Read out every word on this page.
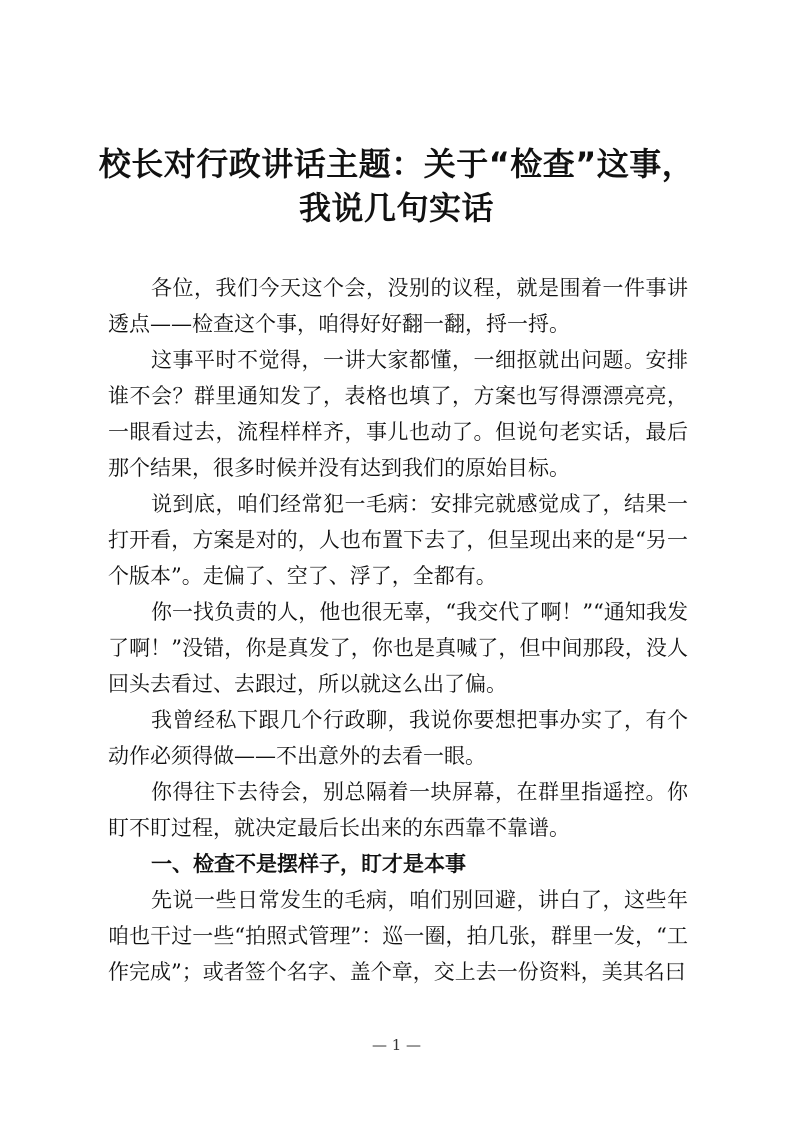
校长对行政讲话主题：关于“检查”这事，
我说几句实话
各位，我们今天这个会，没别的议程，就是围着一件事讲
透点——检查这个事，咱得好好翻一翻，捋一捋。
这事平时不觉得，一讲大家都懂，一细抠就出问题。安排
谁不会？群里通知发了，表格也填了，方案也写得漂漂亮亮，
一眼看过去，流程样样齐，事儿也动了。但说句老实话，最后
那个结果，很多时候并没有达到我们的原始目标。
说到底，咱们经常犯一毛病：安排完就感觉成了，结果一
打开看，方案是对的，人也布置下去了，但呈现出来的是“另一
个版本”。走偏了、空了、浮了，全都有。
你一找负责的人，他也很无辜，“我交代了啊！”“通知我发
了啊！”没错，你是真发了，你也是真喊了，但中间那段，没人
回头去看过、去跟过，所以就这么出了偏。
我曾经私下跟几个行政聊，我说你要想把事办实了，有个
动作必须得做——不出意外的去看一眼。
你得往下去待会，别总隔着一块屏幕，在群里指遥控。你
盯不盯过程，就决定最后长出来的东西靠不靠谱。
一、检查不是摆样子，盯才是本事
先说一些日常发生的毛病，咱们别回避，讲白了，这些年
咱也干过一些“拍照式管理”：巡一圈，拍几张，群里一发，“工
作完成”；或者签个名字、盖个章，交上去一份资料，美其名曰
— 1 —
